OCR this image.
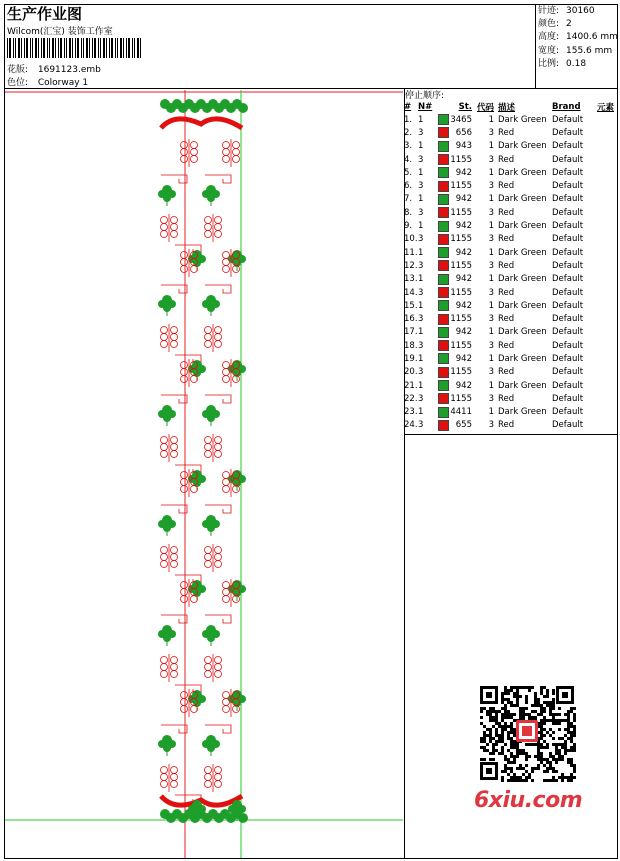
生产作业图
Wilcom(汇宝) 装饰工作室
花版: 1691123.emb
色位: Colorway 1
针迹: 30160
颜色: 2
高度: 1400.6 mm
宽度: 155.6 mm
比例: 0.18
停止顺序:
#	N#		St.	代码	描述	Brand	元素
1.	1		3465	1	Dark Green	Default	
2.	3		656	3	Red	Default	
3.	1		943	1	Dark Green	Default	
4.	3		1155	3	Red	Default	
5.	1		942	1	Dark Green	Default	
6.	3		1155	3	Red	Default	
7.	1		942	1	Dark Green	Default	
8.	3		1155	3	Red	Default	
9.	1		942	1	Dark Green	Default	
10.	3		1155	3	Red	Default	
11.	1		942	1	Dark Green	Default	
12.	3		1155	3	Red	Default	
13.	1		942	1	Dark Green	Default	
14.	3		1155	3	Red	Default	
15.	1		942	1	Dark Green	Default	
16.	3		1155	3	Red	Default	
17.	1		942	1	Dark Green	Default	
18.	3		1155	3	Red	Default	
19.	1		942	1	Dark Green	Default	
20.	3		1155	3	Red	Default	
21.	1		942	1	Dark Green	Default	
22.	3		1155	3	Red	Default	
23.	1		4411	1	Dark Green	Default	
24.	3		655	3	Red	Default	
6xiu.com
